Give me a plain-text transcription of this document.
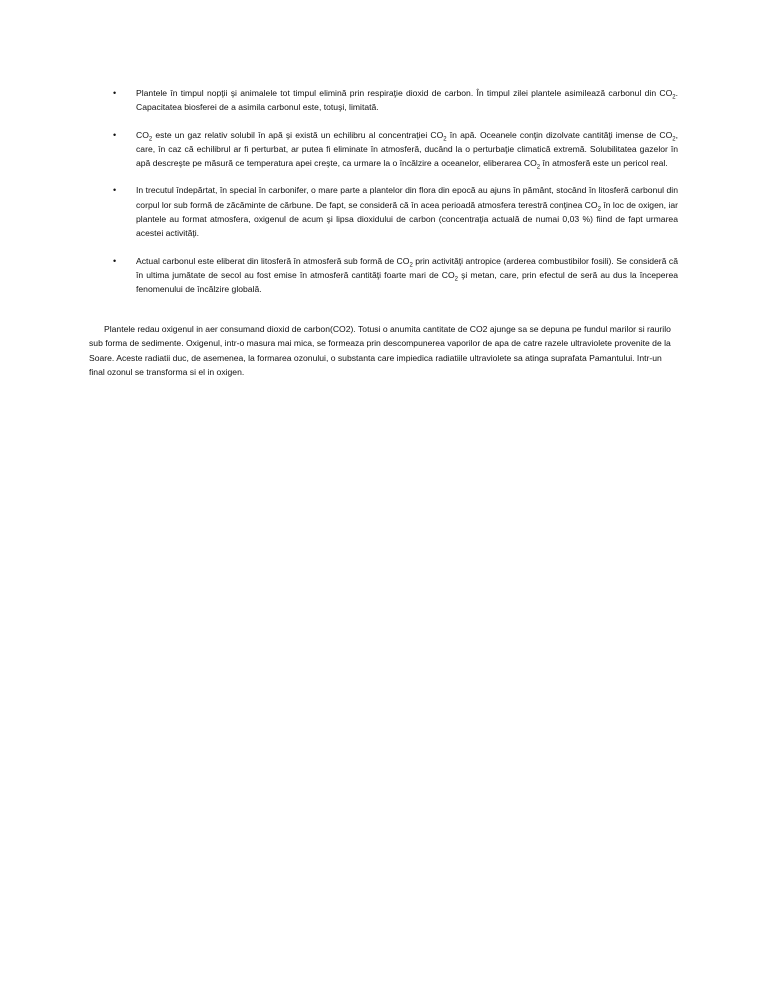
• Plantele în timpul nopţii şi animalele tot timpul elimină prin respiraţie dioxid de carbon. În timpul zilei plantele asimilează carbonul din $CO_2$. Capacitatea biosferei de a asimila carbonul este, totuşi, limitată.
• $CO_2$ este un gaz relativ solubil în apă şi există un echilibru al concentraţiei $CO_2$ în apă. Oceanele conţin dizolvate cantităţi imense de $CO_2$, care, în caz că echilibrul ar fi perturbat, ar putea fi eliminate în atmosferă, ducând la o perturbaţie climatică extremă. Solubilitatea gazelor în apă descreşte pe măsură ce temperatura apei creşte, ca urmare la o încălzire a oceanelor, eliberarea $CO_2$ în atmosferă este un pericol real.
• In trecutul îndepărtat, în special în carbonifer, o mare parte a plantelor din flora din epocă au ajuns în pământ, stocând în litosferă carbonul din corpul lor sub formă de zăcăminte de cărbune. De fapt, se consideră că în acea perioadă atmosfera terestră conţinea $CO_2$ în loc de oxigen, iar plantele au format atmosfera, oxigenul de acum şi lipsa dioxidului de carbon (concentraţia actuală de numai 0,03 %) fiind de fapt urmarea acestei activităţi.
• Actual carbonul este eliberat din litosferă în atmosferă sub formă de $CO_2$ prin activităţi antropice (arderea combustibilor fosili). Se consideră că în ultima jumătate de secol au fost emise în atmosferă cantităţi foarte mari de $CO_2$ şi metan, care, prin efectul de seră au dus la începerea fenomenului de încălzire globală.

Plantele redau oxigenul in aer consumand dioxid de carbon(CO2). Totusi o anumita cantitate de CO2 ajunge sa se depuna pe fundul marilor si raurilo sub forma de sedimente. Oxigenul, intr-o masura mai mica, se formeaza prin descompunerea vaporilor de apa de catre razele ultraviolete provenite de la Soare. Aceste radiatii duc, de asemenea, la formarea ozonului, o substanta care impiedica radiatiile ultraviolete sa atinga suprafata Pamantului. Intr-un final ozonul se transforma si el in oxigen.
